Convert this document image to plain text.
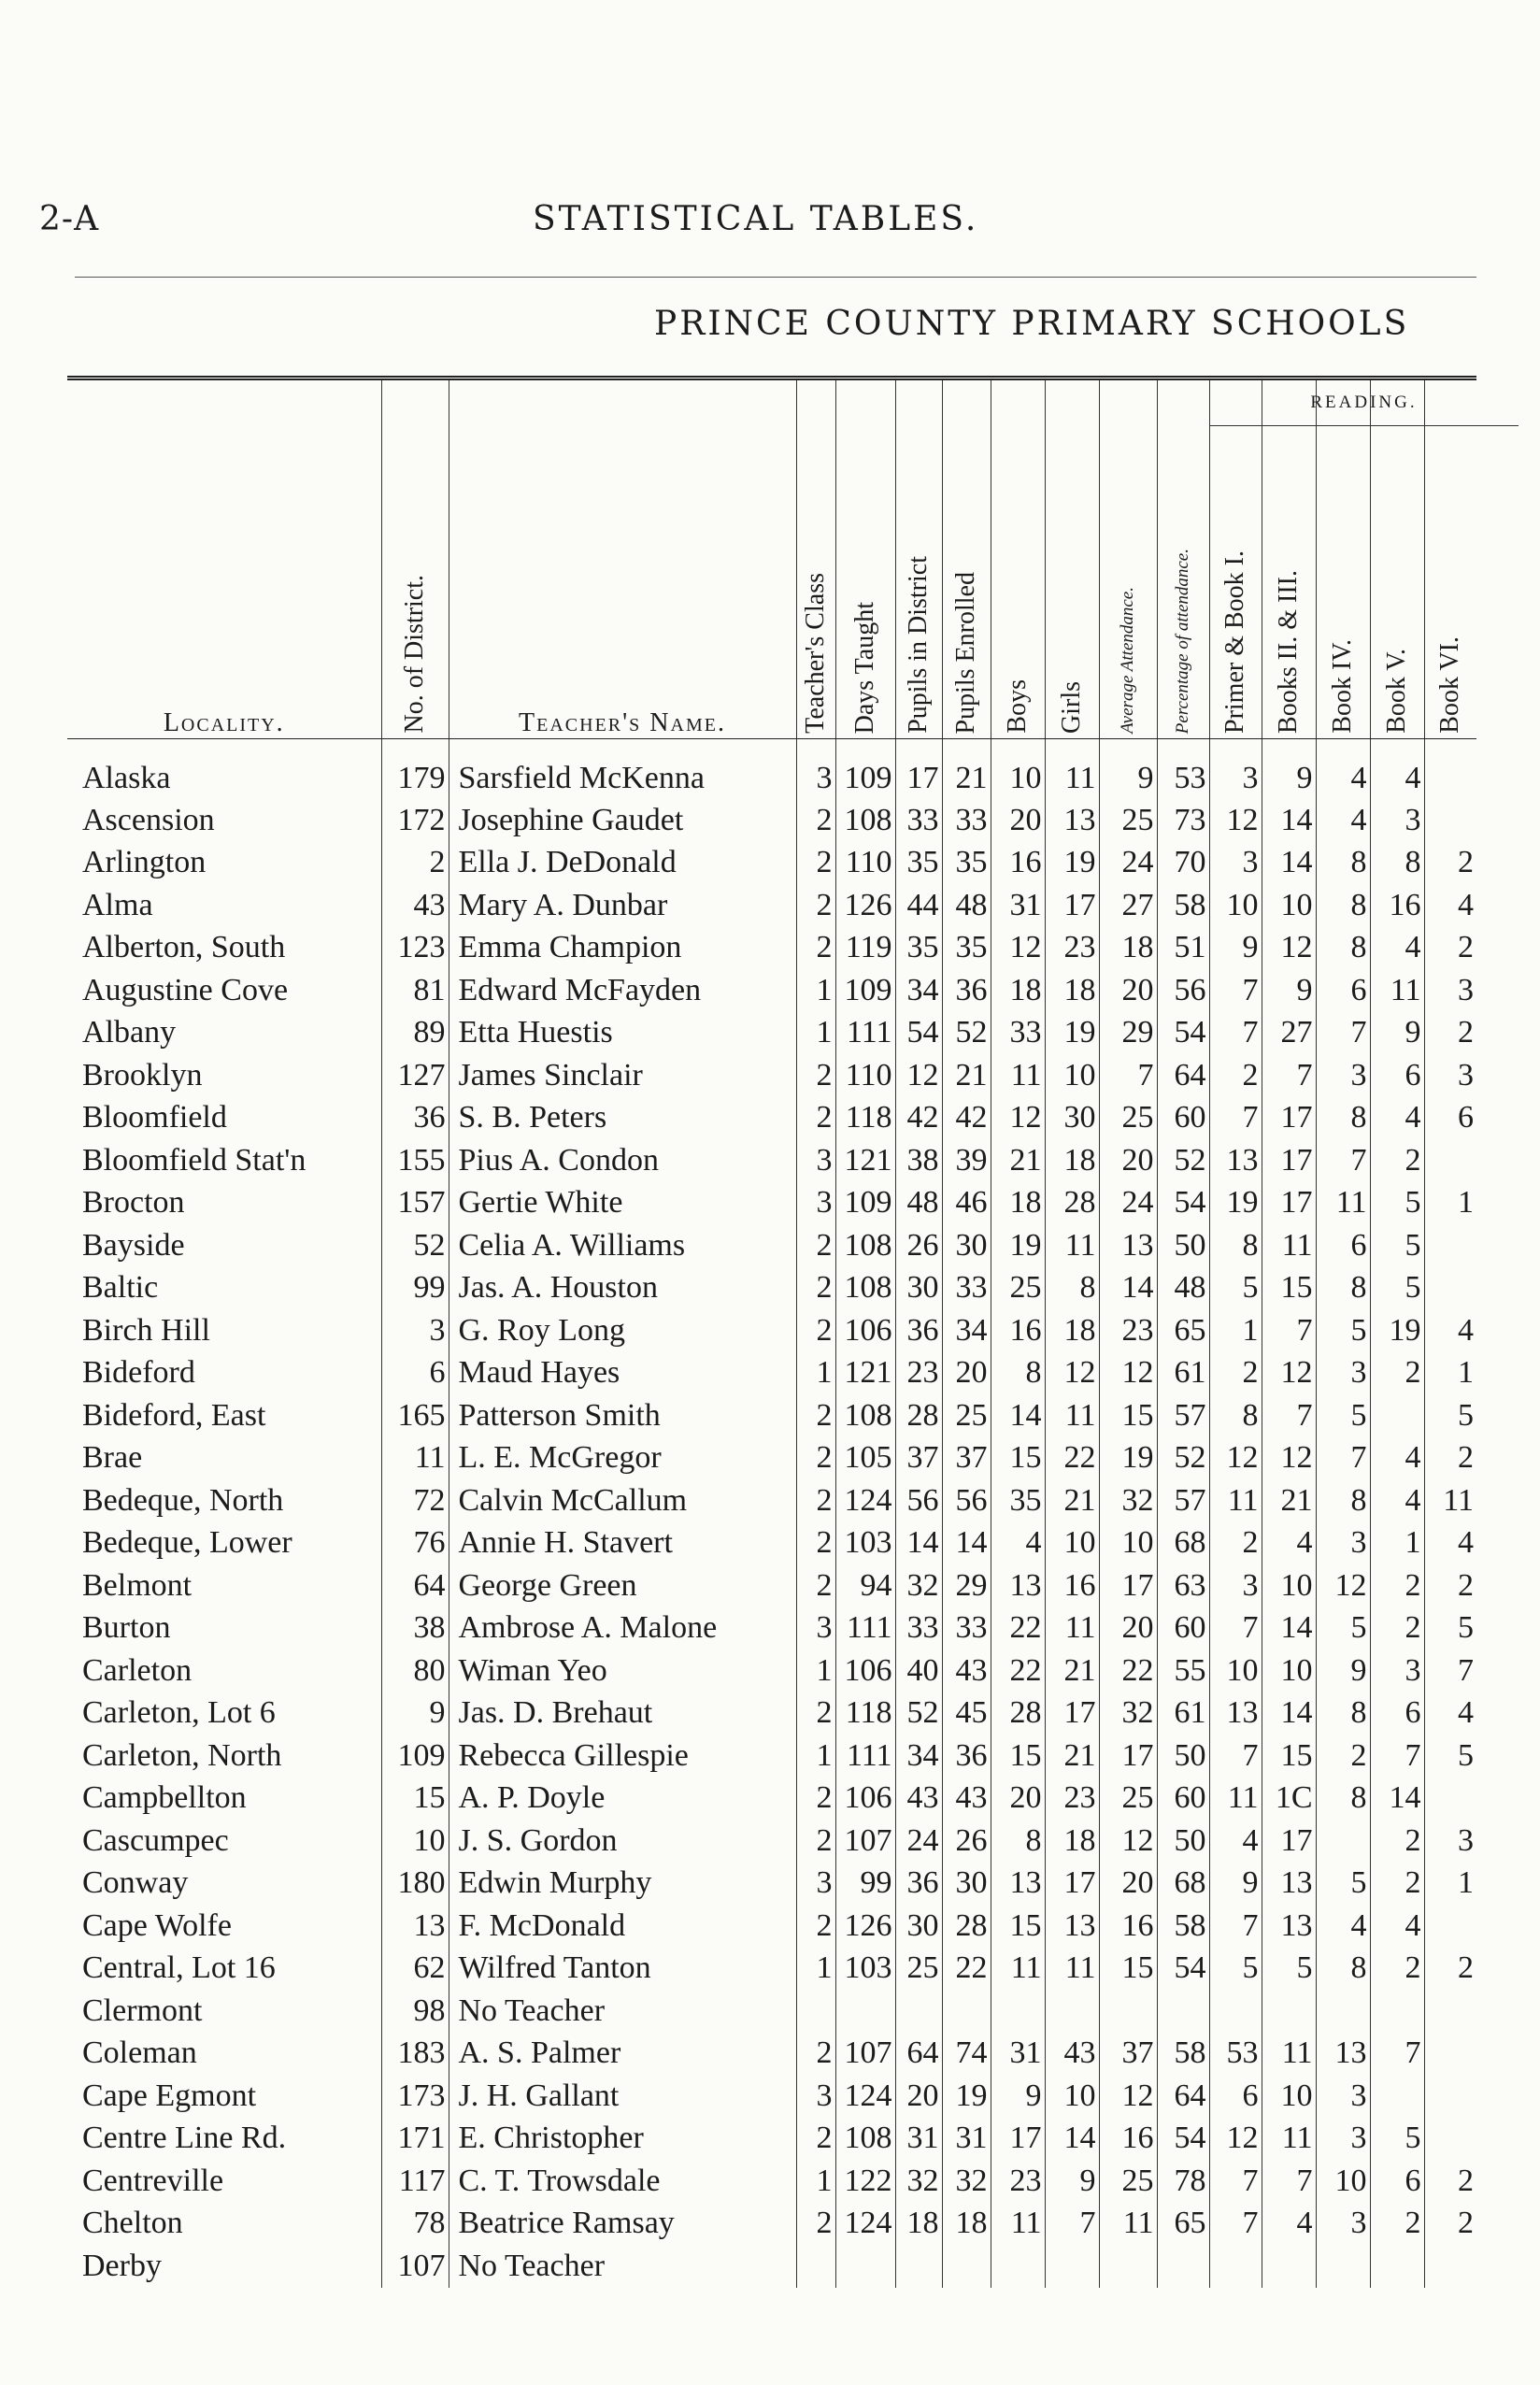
2-A	STATISTICAL TABLES.
PRINCE COUNTY PRIMARY SCHOOLS
Locality.	No. of District.	Teacher's Name.	Teacher's Class	Days Taught	Pupils in District	Pupils Enrolled	Boys	Girls	Average Attendance.	Percentage of attendance.	READING.
Primer & Book I.	Books II. & III.	Book IV.	Book V.	Book VI.
Alaska	179	Sarsfield McKenna	3	109	17	21	10	11	9	53	3	9	4	4	
Ascension	172	Josephine Gaudet	2	108	33	33	20	13	25	73	12	14	4	3	
Arlington	2	Ella J. DeDonald	2	110	35	35	16	19	24	70	3	14	8	8	2
Alma	43	Mary A. Dunbar	2	126	44	48	31	17	27	58	10	10	8	16	4
Alberton, South	123	Emma Champion	2	119	35	35	12	23	18	51	9	12	8	4	2
Augustine Cove	81	Edward McFayden	1	109	34	36	18	18	20	56	7	9	6	11	3
Albany	89	Etta Huestis	1	111	54	52	33	19	29	54	7	27	7	9	2
Brooklyn	127	James Sinclair	2	110	12	21	11	10	7	64	2	7	3	6	3
Bloomfield	36	S. B. Peters	2	118	42	42	12	30	25	60	7	17	8	4	6
Bloomfield Stat'n	155	Pius A. Condon	3	121	38	39	21	18	20	52	13	17	7	2	
Brocton	157	Gertie White	3	109	48	46	18	28	24	54	19	17	11	5	1
Bayside	52	Celia A. Williams	2	108	26	30	19	11	13	50	8	11	6	5	
Baltic	99	Jas. A. Houston	2	108	30	33	25	8	14	48	5	15	8	5	
Birch Hill	3	G. Roy Long	2	106	36	34	16	18	23	65	1	7	5	19	4
Bideford	6	Maud Hayes	1	121	23	20	8	12	12	61	2	12	3	2	1
Bideford, East	165	Patterson Smith	2	108	28	25	14	11	15	57	8	7	5		5
Brae	11	L. E. McGregor	2	105	37	37	15	22	19	52	12	12	7	4	2
Bedeque, North	72	Calvin McCallum	2	124	56	56	35	21	32	57	11	21	8	4	11
Bedeque, Lower	76	Annie H. Stavert	2	103	14	14	4	10	10	68	2	4	3	1	4
Belmont	64	George Green	2	94	32	29	13	16	17	63	3	10	12	2	2
Burton	38	Ambrose A. Malone	3	111	33	33	22	11	20	60	7	14	5	2	5
Carleton	80	Wiman Yeo	1	106	40	43	22	21	22	55	10	10	9	3	7
Carleton, Lot 6	9	Jas. D. Brehaut	2	118	52	45	28	17	32	61	13	14	8	6	4
Carleton, North	109	Rebecca Gillespie	1	111	34	36	15	21	17	50	7	15	2	7	5
Campbellton	15	A. P. Doyle	2	106	43	43	20	23	25	60	11	1C	8	14	
Cascumpec	10	J. S. Gordon	2	107	24	26	8	18	12	50	4	17		2	3
Conway	180	Edwin Murphy	3	99	36	30	13	17	20	68	9	13	5	2	1
Cape Wolfe	13	F. McDonald	2	126	30	28	15	13	16	58	7	13	4	4	
Central, Lot 16	62	Wilfred Tanton	1	103	25	22	11	11	15	54	5	5	8	2	2
Clermont	98	No Teacher													
Coleman	183	A. S. Palmer	2	107	64	74	31	43	37	58	53	11	13	7	
Cape Egmont	173	J. H. Gallant	3	124	20	19	9	10	12	64	6	10	3		
Centre Line Rd.	171	E. Christopher	2	108	31	31	17	14	16	54	12	11	3	5	
Centreville	117	C. T. Trowsdale	1	122	32	32	23	9	25	78	7	7	10	6	2
Chelton	78	Beatrice Ramsay	2	124	18	18	11	7	11	65	7	4	3	2	2
Derby	107	No Teacher													
